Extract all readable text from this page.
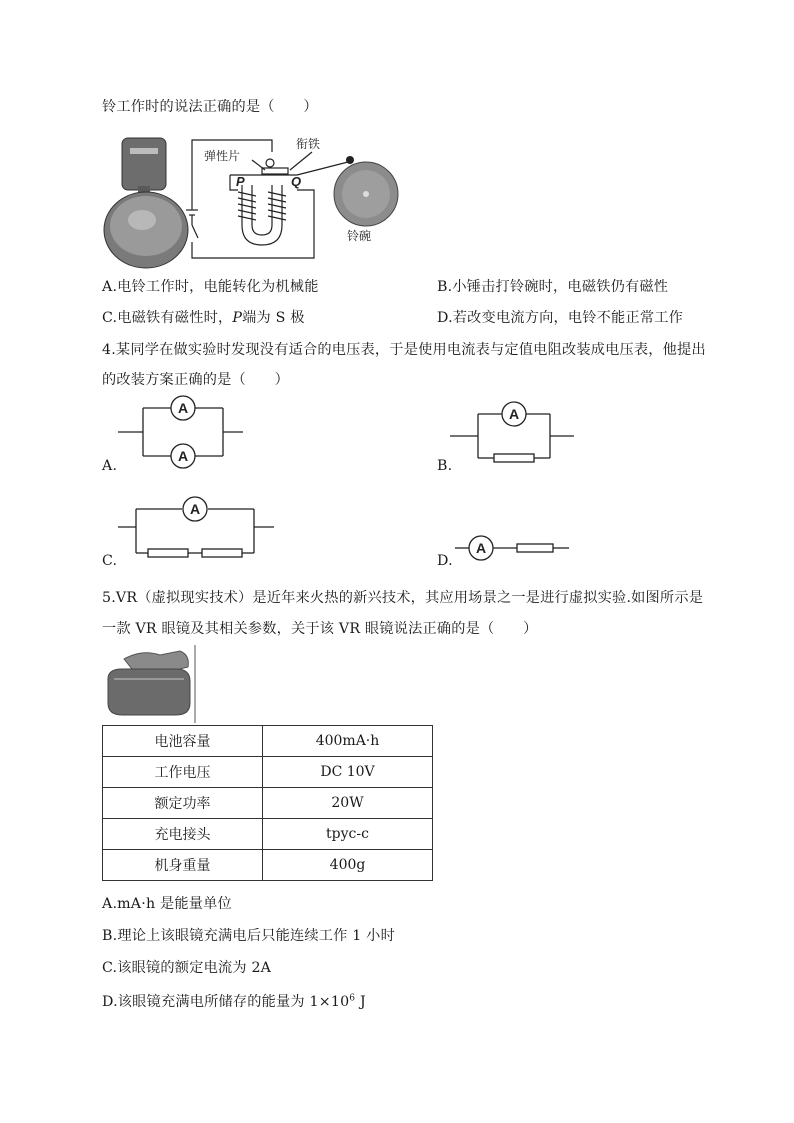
铃工作时的说法正确的是（　　）
弹性片
衔铁
P	Q
铃碗
A.电铃工作时，电能转化为机械能	B.小锤击打铃碗时，电磁铁仍有磁性
C.电磁铁有磁性时，P端为 S 极	D.若改变电流方向，电铃不能正常工作
4.某同学在做实验时发现没有适合的电压表，于是使用电流表与定值电阻改装成电压表，他提出
的改装方案正确的是（　　）
A
A
A.
A
B.
A
C.
A
D.
5.VR（虚拟现实技术）是近年来火热的新兴技术，其应用场景之一是进行虚拟实验.如图所示是
一款 VR 眼镜及其相关参数，关于该 VR 眼镜说法正确的是（　　）
电池容量	400mA·h
工作电压	DC 10V
额定功率	20W
充电接头	tpyc-c
机身重量	400g
A.mA·h 是能量单位
B.理论上该眼镜充满电后只能连续工作 1 小时
C.该眼镜的额定电流为 2A
D.该眼镜充满电所储存的能量为 $1\times 10^6$ J
